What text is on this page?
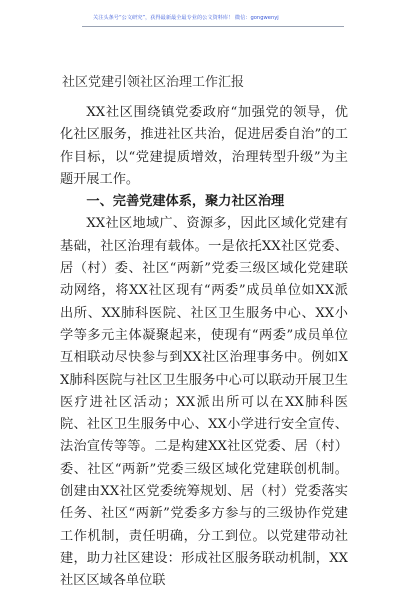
关注头条号“公文研究”，获得最新最全最专业的公文资料库！ 微信：gongwenyj
社区党建引领社区治理工作汇报

XX社区围绕镇党委政府“加强党的领导，优化社区服务，推进社区共治，促进居委自治”的工作目标，以“党建提质增效，治理转型升级”为主题开展工作。

一、完善党建体系，聚力社区治理

XX社区地域广、资源多，因此区域化党建有基础，社区治理有载体。一是依托XX社区党委、居（村）委、社区“两新”党委三级区域化党建联动网络，将XX社区现有“两委”成员单位如XX派出所、XX肺科医院、社区卫生服务中心、XX小学等多元主体凝聚起来，使现有“两委”成员单位互相联动尽快参与到XX社区治理事务中。例如XX肺科医院与社区卫生服务中心可以联动开展卫生医疗进社区活动；XX派出所可以在XX肺科医院、社区卫生服务中心、XX小学进行安全宣传、法治宣传等等。二是构建XX社区党委、居（村）委、社区“两新”党委三级区域化党建联创机制。创建由XX社区党委统筹规划、居（村）党委落实任务、社区“两新”党委多方参与的三级协作党建工作机制，责任明确，分工到位。以党建带动社建，助力社区建设：形成社区服务联动机制，XX社区区域各单位联
